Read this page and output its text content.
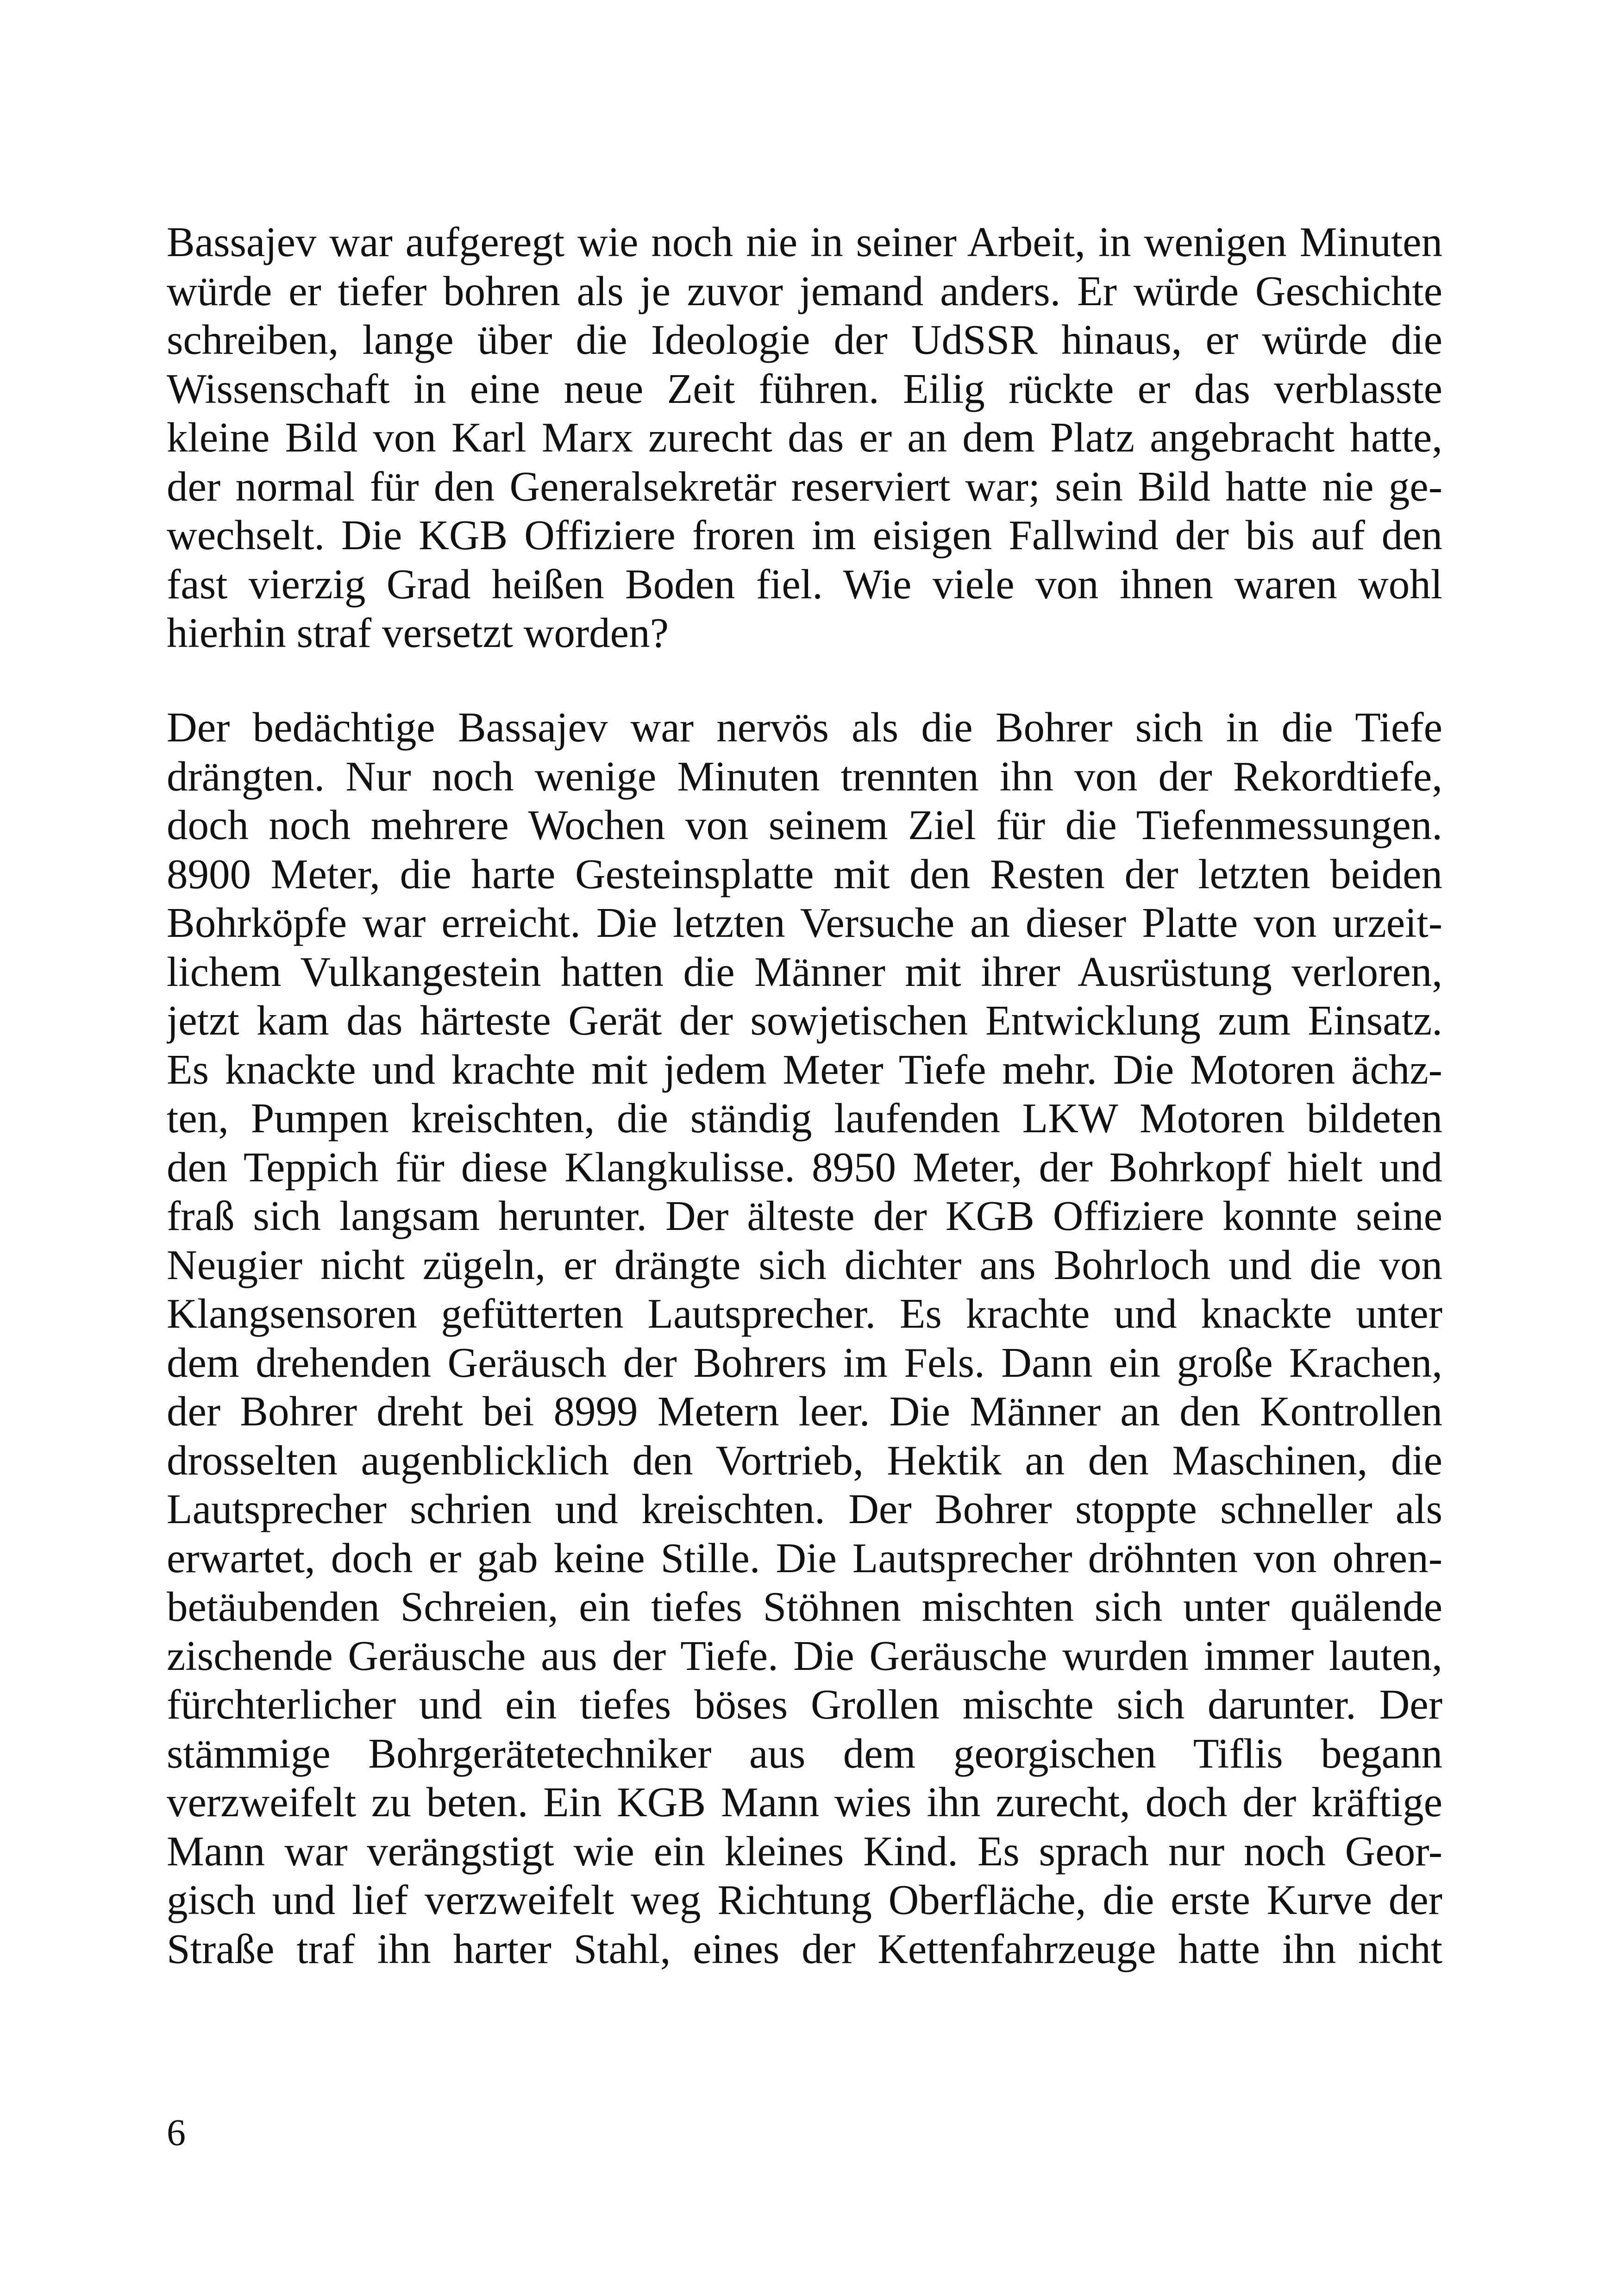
Bassajev war aufgeregt wie noch nie in seiner Arbeit, in wenigen Minuten
würde er tiefer bohren als je zuvor jemand anders. Er würde Geschichte
schreiben, lange über die Ideologie der UdSSR hinaus, er würde die
Wissenschaft in eine neue Zeit führen. Eilig rückte er das verblasste
kleine Bild von Karl Marx zurecht das er an dem Platz angebracht hatte,
der normal für den Generalsekretär reserviert war; sein Bild hatte nie ge-
wechselt. Die KGB Offiziere froren im eisigen Fallwind der bis auf den
fast vierzig Grad heißen Boden fiel. Wie viele von ihnen waren wohl
hierhin straf versetzt worden?
Der bedächtige Bassajev war nervös als die Bohrer sich in die Tiefe
drängten. Nur noch wenige Minuten trennten ihn von der Rekordtiefe,
doch noch mehrere Wochen von seinem Ziel für die Tiefenmessungen.
8900 Meter, die harte Gesteinsplatte mit den Resten der letzten beiden
Bohrköpfe war erreicht. Die letzten Versuche an dieser Platte von urzeit-
lichem Vulkangestein hatten die Männer mit ihrer Ausrüstung verloren,
jetzt kam das härteste Gerät der sowjetischen Entwicklung zum Einsatz.
Es knackte und krachte mit jedem Meter Tiefe mehr. Die Motoren ächz-
ten, Pumpen kreischten, die ständig laufenden LKW Motoren bildeten
den Teppich für diese Klangkulisse. 8950 Meter, der Bohrkopf hielt und
fraß sich langsam herunter. Der älteste der KGB Offiziere konnte seine
Neugier nicht zügeln, er drängte sich dichter ans Bohrloch und die von
Klangsensoren gefütterten Lautsprecher. Es krachte und knackte unter
dem drehenden Geräusch der Bohrers im Fels. Dann ein große Krachen,
der Bohrer dreht bei 8999 Metern leer. Die Männer an den Kontrollen
drosselten augenblicklich den Vortrieb, Hektik an den Maschinen, die
Lautsprecher schrien und kreischten. Der Bohrer stoppte schneller als
erwartet, doch er gab keine Stille. Die Lautsprecher dröhnten von ohren-
betäubenden Schreien, ein tiefes Stöhnen mischten sich unter quälende
zischende Geräusche aus der Tiefe. Die Geräusche wurden immer lauten,
fürchterlicher und ein tiefes böses Grollen mischte sich darunter. Der
stämmige Bohrgerätetechniker aus dem georgischen Tiflis begann
verzweifelt zu beten. Ein KGB Mann wies ihn zurecht, doch der kräftige
Mann war verängstigt wie ein kleines Kind. Es sprach nur noch Geor-
gisch und lief verzweifelt weg Richtung Oberfläche, die erste Kurve der
Straße traf ihn harter Stahl, eines der Kettenfahrzeuge hatte ihn nicht
6
